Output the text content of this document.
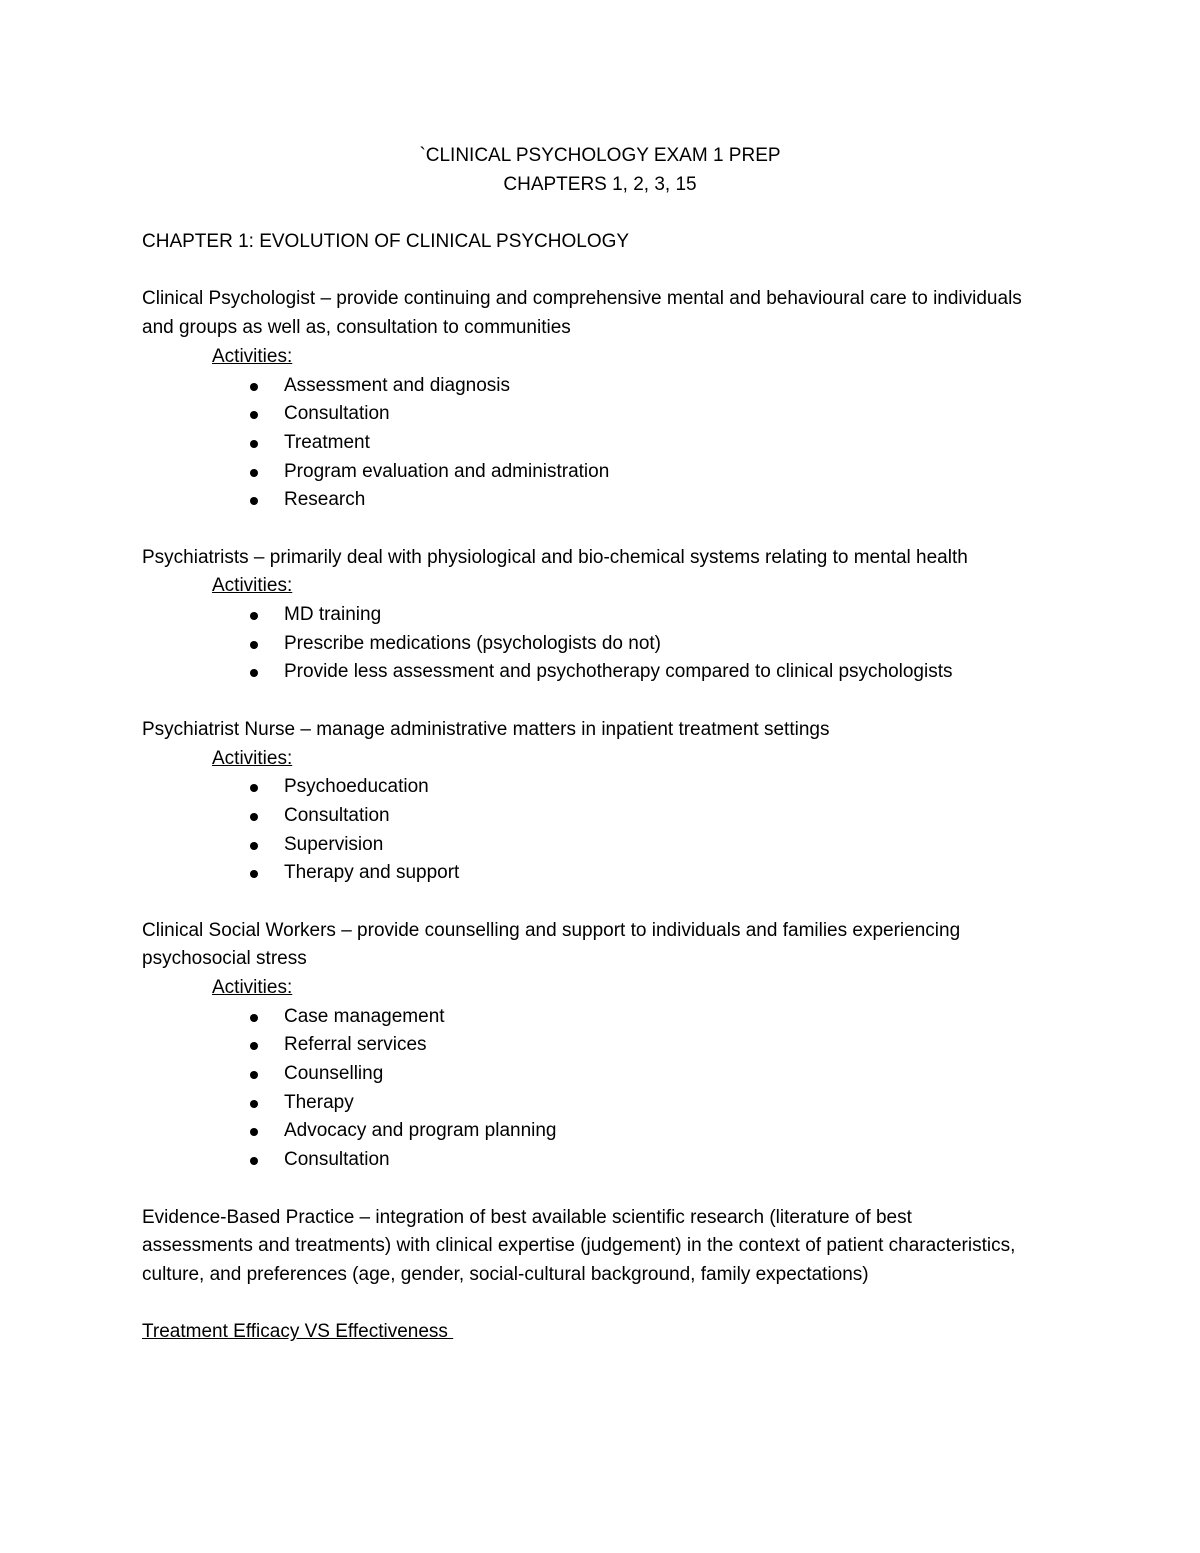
`CLINICAL PSYCHOLOGY EXAM 1 PREP
CHAPTERS 1, 2, 3, 15
CHAPTER 1: EVOLUTION OF CLINICAL PSYCHOLOGY
Clinical Psychologist – provide continuing and comprehensive mental and behavioural care to individuals and groups as well as, consultation to communities
Activities:
Assessment and diagnosis
Consultation
Treatment
Program evaluation and administration
Research
Psychiatrists – primarily deal with physiological and bio-chemical systems relating to mental health
Activities:
MD training
Prescribe medications (psychologists do not)
Provide less assessment and psychotherapy compared to clinical psychologists
Psychiatrist Nurse – manage administrative matters in inpatient treatment settings
Activities:
Psychoeducation
Consultation
Supervision
Therapy and support
Clinical Social Workers – provide counselling and support to individuals and families experiencing psychosocial stress
Activities:
Case management
Referral services
Counselling
Therapy
Advocacy and program planning
Consultation
Evidence-Based Practice – integration of best available scientific research (literature of best assessments and treatments) with clinical expertise (judgement) in the context of patient characteristics, culture, and preferences (age, gender, social-cultural background, family expectations)
Treatment Efficacy VS Effectiveness
